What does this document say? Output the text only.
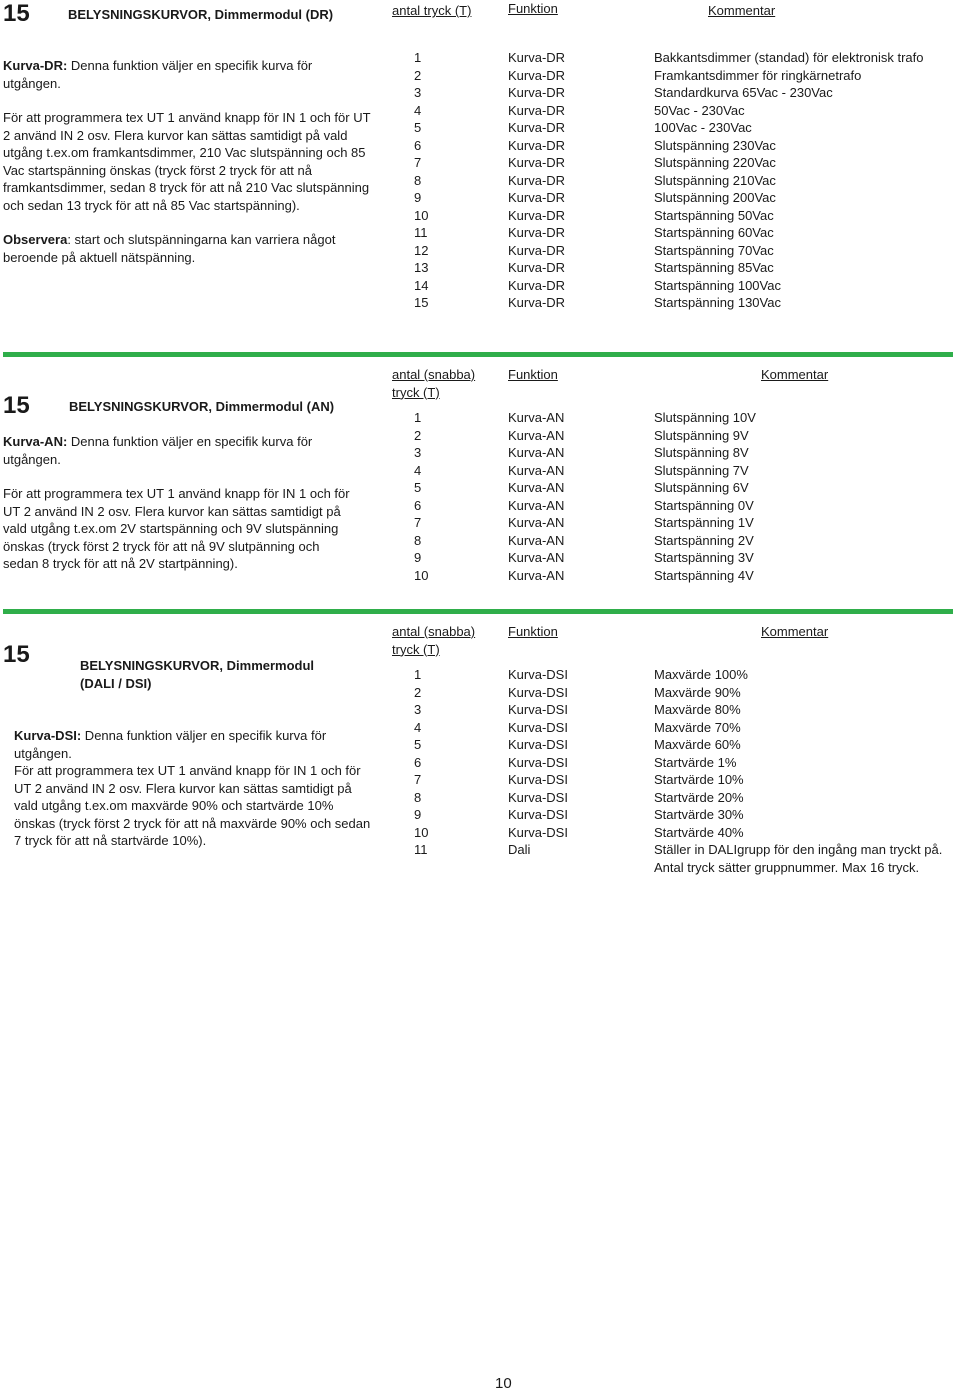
15	BELYSNINGSKURVOR, Dimmermodul (DR)	antal tryck (T)	Funktion	Kommentar

Kurva-DR: Denna funktion väljer en specifik kurva för utgången.

För att programmera tex UT 1 använd knapp för IN 1 och för UT 2 använd IN 2 osv. Flera kurvor kan sättas samtidigt på vald utgång t.ex.om framkantsdimmer, 210 Vac slutspänning och 85 Vac startspänning önskas (tryck först 2 tryck för att nå framkantsdimmer, sedan 8 tryck för att nå 210 Vac slutspänning och sedan 13 tryck för att nå 85 Vac startspänning).

Observera: start och slutspänningarna kan varriera något beroende på aktuell nätspänning.

1	Kurva-DR	Bakkantsdimmer (standad) för elektronisk trafo
2	Kurva-DR	Framkantsdimmer för ringkärnetrafo
3	Kurva-DR	Standardkurva 65Vac - 230Vac
4	Kurva-DR	50Vac - 230Vac
5	Kurva-DR	100Vac - 230Vac
6	Kurva-DR	Slutspänning 230Vac
7	Kurva-DR	Slutspänning 220Vac
8	Kurva-DR	Slutspänning 210Vac
9	Kurva-DR	Slutspänning 200Vac
10	Kurva-DR	Startspänning 50Vac
11	Kurva-DR	Startspänning 60Vac
12	Kurva-DR	Startspänning 70Vac
13	Kurva-DR	Startspänning 85Vac
14	Kurva-DR	Startspänning 100Vac
15	Kurva-DR	Startspänning 130Vac
15	BELYSNINGSKURVOR, Dimmermodul (AN)
antal (snabba) tryck (T)
Funktion	Kommentar

Kurva-AN: Denna funktion väljer en specifik kurva för utgången.

För att programmera tex UT 1 använd knapp för IN 1 och för UT 2 använd IN 2 osv. Flera kurvor kan sättas samtidigt på vald utgång t.ex.om 2V startspänning och 9V slutspänning önskas (tryck först 2 tryck för att nå 9V slutpänning och sedan 8 tryck för att nå 2V startpänning).

1	Kurva-AN	Slutspänning 10V
2	Kurva-AN	Slutspänning 9V
3	Kurva-AN	Slutspänning 8V
4	Kurva-AN	Slutspänning 7V
5	Kurva-AN	Slutspänning 6V
6	Kurva-AN	Startspänning 0V
7	Kurva-AN	Startspänning 1V
8	Kurva-AN	Startspänning 2V
9	Kurva-AN	Startspänning 3V
10	Kurva-AN	Startspänning 4V
15	BELYSNINGSKURVOR, Dimmermodul
(DALI / DSI)
antal (snabba) tryck (T)
Funktion	Kommentar

Kurva-DSI: Denna funktion väljer en specifik kurva för utgången.

För att programmera tex UT 1 använd knapp för IN 1 och för UT 2 använd IN 2 osv. Flera kurvor kan sättas samtidigt på vald utgång t.ex.om maxvärde 90% och startvärde 10% önskas (tryck först 2 tryck för att nå maxvärde 90% och sedan 7 tryck för att nå startvärde 10%).

1	Kurva-DSI	Maxvärde 100%
2	Kurva-DSI	Maxvärde 90%
3	Kurva-DSI	Maxvärde 80%
4	Kurva-DSI	Maxvärde 70%
5	Kurva-DSI	Maxvärde 60%
6	Kurva-DSI	Startvärde 1%
7	Kurva-DSI	Startvärde 10%
8	Kurva-DSI	Startvärde 20%
9	Kurva-DSI	Startvärde 30%
10	Kurva-DSI	Startvärde 40%
11	Dali	Ställer in DALIgrupp för den ingång man tryckt på. Antal tryck sätter gruppnummer. Max 16 tryck.
10
